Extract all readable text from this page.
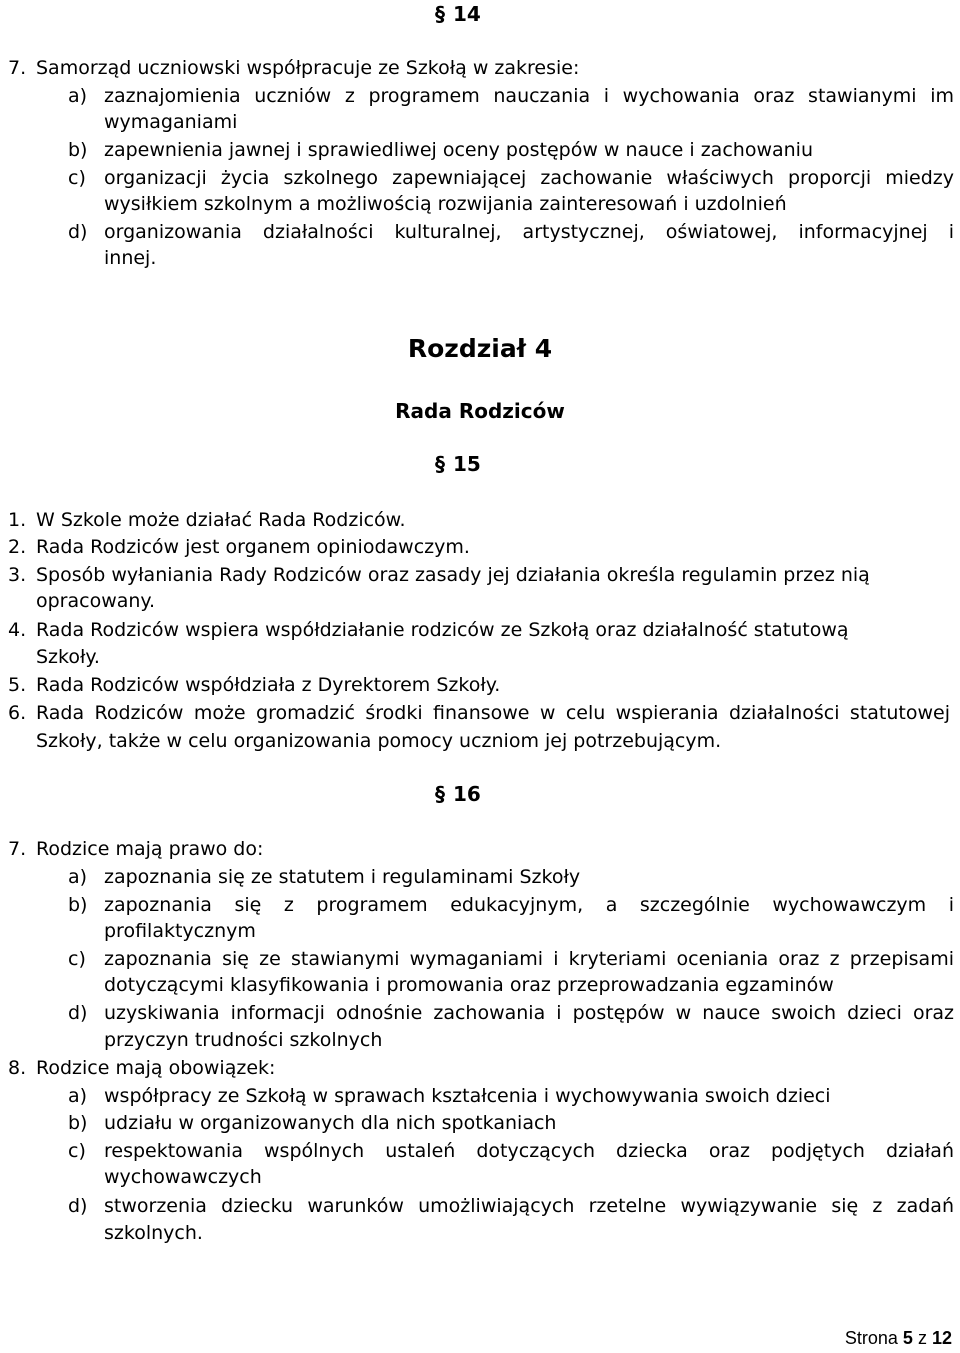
§ 14
7. Samorząd uczniowski współpracuje ze Szkołą w zakresie:
a) zaznajomienia uczniów z programem nauczania i wychowania oraz stawianymi im
wymaganiami
b) zapewnienia jawnej i sprawiedliwej oceny postępów w nauce i zachowaniu
c) organizacji życia szkolnego zapewniającej zachowanie właściwych proporcji miedzy
wysiłkiem szkolnym a możliwością rozwijania zainteresowań i uzdolnień
d) organizowania działalności kulturalnej, artystycznej, oświatowej, informacyjnej i
innej.
Rozdział 4
Rada Rodziców
§ 15
1. W Szkole może działać Rada Rodziców.
2. Rada Rodziców jest organem opiniodawczym.
3. Sposób wyłaniania Rady Rodziców oraz zasady jej działania określa regulamin przez nią
opracowany.
4. Rada Rodziców wspiera współdziałanie rodziców ze Szkołą oraz działalność statutową
Szkoły.
5. Rada Rodziców współdziała z Dyrektorem Szkoły.
6. Rada Rodziców może gromadzić środki finansowe w celu wspierania działalności statutowej
Szkoły, także w celu organizowania pomocy uczniom jej potrzebującym.
§ 16
7. Rodzice mają prawo do:
a) zapoznania się ze statutem i regulaminami Szkoły
b) zapoznania się z programem edukacyjnym, a szczególnie wychowawczym i
profilaktycznym
c) zapoznania się ze stawianymi wymaganiami i kryteriami oceniania oraz z przepisami
dotyczącymi klasyfikowania i promowania oraz przeprowadzania egzaminów
d) uzyskiwania informacji odnośnie zachowania i postępów w nauce swoich dzieci oraz
przyczyn trudności szkolnych
8. Rodzice mają obowiązek:
a) współpracy ze Szkołą w sprawach kształcenia i wychowywania swoich dzieci
b) udziału w organizowanych dla nich spotkaniach
c) respektowania wspólnych ustaleń dotyczących dziecka oraz podjętych działań
wychowawczych
d) stworzenia dziecku warunków umożliwiających rzetelne wywiązywanie się z zadań
szkolnych.
Strona 5 z 12
